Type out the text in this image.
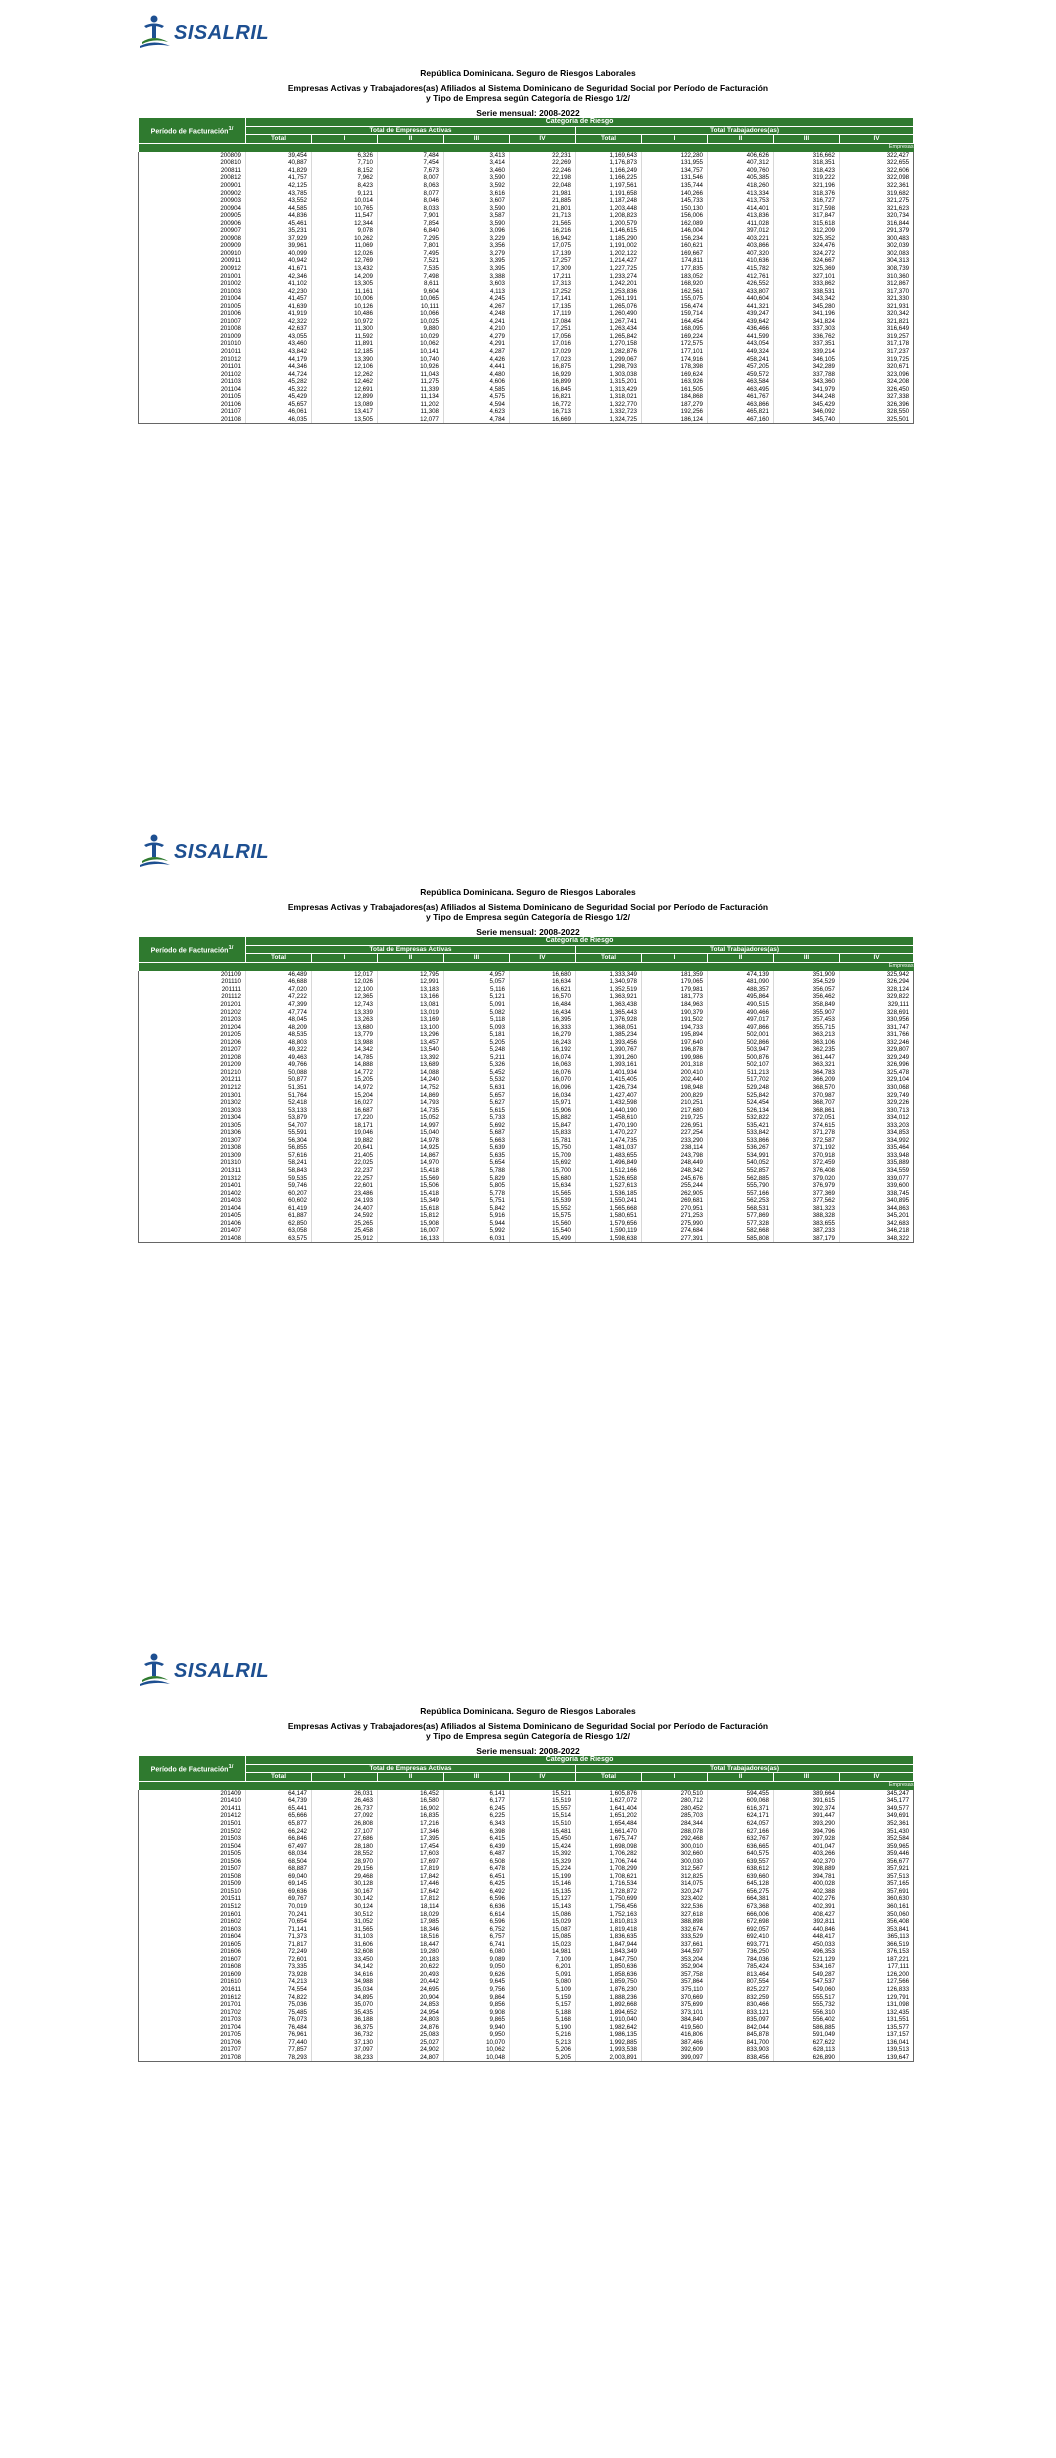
SISALRIL
República Dominicana. Seguro de Riesgos Laborales
Empresas Activas y Trabajadores(as) Afiliados al Sistema Dominicano de Seguridad Social por Período de Facturación
y Tipo de Empresa según Categoría de Riesgo 1/2/
Serie mensual: 2008-2022
Período de Facturación$^{1/}$	Categoría de Riesgo									
	Total de Empresas Activas					Total Trabajadores(as)				
	Total	I	II	III	IV	Total	I	II	III	IV
Empresas										
200809	39,454	6,326	7,484	3,413	22,231	1,169,643	122,280	406,626	316,662	322,427
200810	40,887	7,710	7,454	3,414	22,269	1,176,873	131,955	407,312	318,351	322,655
200811	41,829	8,152	7,673	3,460	22,246	1,166,249	134,757	409,760	318,423	322,606
200812	41,757	7,962	8,007	3,590	22,198	1,166,225	131,546	405,385	319,222	322,098
200901	42,125	8,423	8,063	3,592	22,048	1,197,561	135,744	418,260	321,196	322,361
200902	43,785	9,121	8,077	3,616	21,981	1,191,658	140,266	413,334	318,376	319,682
200903	43,552	10,014	8,046	3,607	21,885	1,187,248	145,733	413,753	316,727	321,275
200904	44,585	10,765	8,033	3,590	21,801	1,203,448	150,130	414,401	317,598	321,623
200905	44,836	11,547	7,901	3,587	21,713	1,208,823	156,006	413,836	317,847	320,734
200906	45,461	12,344	7,854	3,590	21,565	1,200,579	162,089	411,028	315,618	316,844
200907	35,231	9,078	6,840	3,096	16,216	1,146,615	146,004	397,012	312,209	291,379
200908	37,929	10,262	7,295	3,229	16,942	1,185,290	156,234	403,221	325,352	300,483
200909	39,961	11,069	7,801	3,356	17,075	1,191,002	160,621	403,866	324,476	302,039
200910	40,099	12,026	7,495	3,279	17,139	1,202,122	169,667	407,320	324,272	302,083
200911	40,942	12,769	7,521	3,395	17,257	1,214,427	174,811	410,636	324,667	304,313
200912	41,671	13,432	7,535	3,395	17,309	1,227,725	177,835	415,782	325,369	308,739
201001	42,346	14,209	7,498	3,388	17,211	1,233,274	183,052	412,761	327,101	310,360
201002	41,102	13,305	8,611	3,603	17,313	1,242,201	168,920	426,552	333,862	312,867
201003	42,230	11,161	9,604	4,113	17,252	1,253,836	162,561	433,807	338,531	317,370
201004	41,457	10,006	10,065	4,245	17,141	1,261,191	155,075	440,604	343,342	321,330
201005	41,639	10,126	10,111	4,267	17,135	1,265,076	156,474	441,321	345,280	321,931
201006	41,919	10,486	10,066	4,248	17,119	1,260,490	159,714	439,247	341,196	320,342
201007	42,322	10,972	10,025	4,241	17,084	1,267,741	164,454	439,642	341,824	321,821
201008	42,637	11,300	9,880	4,210	17,251	1,263,434	168,095	436,466	337,303	316,649
201009	43,055	11,592	10,029	4,279	17,056	1,265,842	169,224	441,599	336,762	319,257
201010	43,460	11,891	10,062	4,291	17,016	1,270,158	172,575	443,054	337,351	317,178
201011	43,842	12,185	10,141	4,287	17,029	1,282,876	177,101	449,324	339,214	317,237
201012	44,179	13,390	10,740	4,426	17,023	1,299,067	174,916	458,241	346,105	319,725
201101	44,346	12,106	10,926	4,441	16,875	1,298,793	178,398	457,205	342,289	320,671
201102	44,724	12,262	11,043	4,480	16,929	1,303,038	169,624	459,572	337,788	323,096
201103	45,282	12,462	11,275	4,606	16,899	1,315,201	163,926	463,584	343,360	324,208
201104	45,322	12,691	11,339	4,585	16,845	1,313,429	161,505	463,495	341,979	326,450
201105	45,429	12,899	11,134	4,575	16,821	1,318,021	184,868	461,767	344,248	327,338
201106	45,657	13,089	11,202	4,594	16,772	1,322,770	187,279	463,866	345,429	326,396
201107	46,061	13,417	11,308	4,623	16,713	1,332,723	192,256	465,821	346,092	328,550
201108	46,035	13,505	12,077	4,784	16,669	1,324,725	186,124	467,160	345,740	325,501
SISALRIL
República Dominicana. Seguro de Riesgos Laborales
Empresas Activas y Trabajadores(as) Afiliados al Sistema Dominicano de Seguridad Social por Período de Facturación
y Tipo de Empresa según Categoría de Riesgo 1/2/
Serie mensual: 2008-2022
Período de Facturación$^{1/}$	Categoría de Riesgo									
	Total de Empresas Activas					Total Trabajadores(as)				
	Total	I	II	III	IV	Total	I	II	III	IV
Empresas										
201109	46,489	12,017	12,795	4,957	16,680	1,333,349	181,359	474,139	351,909	325,942
201110	46,688	12,026	12,991	5,057	16,634	1,340,978	179,065	481,090	354,529	326,294
201111	47,020	12,100	13,183	5,116	16,621	1,352,519	179,981	488,357	356,057	328,124
201112	47,222	12,365	13,166	5,121	16,570	1,363,921	181,773	495,864	356,462	329,822
201201	47,399	12,743	13,081	5,091	16,484	1,363,438	184,963	490,515	358,849	329,111
201202	47,774	13,339	13,019	5,082	16,434	1,365,443	190,379	490,466	355,907	328,691
201203	48,045	13,263	13,169	5,118	16,395	1,376,928	191,502	497,017	357,453	330,956
201204	48,209	13,680	13,100	5,093	16,333	1,368,051	194,733	497,866	355,715	331,747
201205	48,535	13,779	13,296	5,181	16,279	1,385,234	195,894	502,001	363,213	331,766
201206	48,803	13,988	13,457	5,205	16,243	1,393,456	197,640	502,866	363,106	332,246
201207	49,322	14,342	13,540	5,248	16,192	1,390,767	196,878	503,947	362,235	329,807
201208	49,463	14,785	13,392	5,211	16,074	1,391,260	199,986	500,876	361,447	329,249
201209	49,766	14,888	13,689	5,326	16,063	1,393,161	201,318	502,107	363,321	326,996
201210	50,088	14,772	14,088	5,452	16,076	1,401,934	200,410	511,213	364,783	325,478
201211	50,877	15,205	14,240	5,532	16,070	1,415,405	202,440	517,702	366,209	329,104
201212	51,351	14,972	14,752	5,631	16,096	1,426,734	198,948	529,248	368,570	330,068
201301	51,764	15,204	14,869	5,657	16,034	1,427,407	200,829	525,842	370,987	329,749
201302	52,418	16,027	14,793	5,627	15,971	1,432,598	210,251	524,454	368,707	329,226
201303	53,133	16,687	14,735	5,615	15,906	1,440,190	217,680	526,134	368,861	330,713
201304	53,879	17,220	15,052	5,733	15,882	1,458,610	219,725	532,822	372,051	334,012
201305	54,707	18,171	14,997	5,692	15,847	1,470,190	226,951	535,421	374,615	333,203
201306	55,591	19,046	15,040	5,687	15,833	1,470,227	227,254	533,842	371,278	334,853
201307	56,304	19,882	14,978	5,663	15,781	1,474,735	233,290	533,866	372,587	334,992
201308	56,855	20,641	14,925	5,639	15,750	1,481,037	238,114	536,267	371,192	335,464
201309	57,616	21,405	14,867	5,635	15,709	1,483,655	243,798	534,991	370,918	333,948
201310	58,241	22,025	14,970	5,654	15,692	1,496,849	248,449	540,052	372,459	335,889
201311	58,843	22,237	15,418	5,788	15,700	1,512,166	248,342	552,857	376,408	334,559
201312	59,535	22,257	15,569	5,829	15,680	1,526,658	245,676	562,885	379,020	339,077
201401	59,746	22,601	15,506	5,805	15,634	1,527,613	255,244	555,790	376,979	339,600
201402	60,207	23,486	15,418	5,778	15,565	1,536,185	262,905	557,166	377,369	338,745
201403	60,602	24,193	15,349	5,751	15,539	1,550,241	269,681	562,253	377,562	340,895
201404	61,419	24,407	15,618	5,842	15,552	1,565,668	270,951	568,531	381,323	344,863
201405	61,887	24,592	15,812	5,916	15,575	1,580,651	271,253	577,869	388,328	345,201
201406	62,850	25,265	15,908	5,944	15,560	1,579,656	275,990	577,328	383,655	342,683
201407	63,058	25,458	16,007	5,992	15,540	1,590,119	274,684	582,668	387,233	346,218
201408	63,575	25,912	16,133	6,031	15,499	1,598,638	277,391	585,808	387,179	348,322
SISALRIL
República Dominicana. Seguro de Riesgos Laborales
Empresas Activas y Trabajadores(as) Afiliados al Sistema Dominicano de Seguridad Social por Período de Facturación
y Tipo de Empresa según Categoría de Riesgo 1/2/
Serie mensual: 2008-2022
Período de Facturación$^{1/}$	Categoría de Riesgo									
	Total de Empresas Activas					Total Trabajadores(as)				
	Total	I	II	III	IV	Total	I	II	III	IV
Empresas										
201409	64,147	26,031	16,452	6,141	15,521	1,605,876	270,510	594,455	389,664	345,247
201410	64,739	26,463	16,580	6,177	15,519	1,627,072	280,712	609,068	391,615	345,177
201411	65,441	26,737	16,902	6,245	15,557	1,641,404	280,452	616,371	392,374	349,577
201412	65,666	27,092	16,835	6,225	15,514	1,651,202	285,703	624,171	391,447	349,691
201501	65,877	26,808	17,216	6,343	15,510	1,654,484	284,344	624,057	393,290	352,361
201502	66,242	27,107	17,346	6,398	15,481	1,661,470	288,078	627,166	394,796	351,430
201503	66,846	27,686	17,395	6,415	15,450	1,675,747	292,468	632,767	397,928	352,584
201504	67,497	28,180	17,454	6,439	15,424	1,698,098	300,010	636,665	401,047	359,965
201505	68,034	28,552	17,603	6,487	15,392	1,706,282	302,660	640,575	403,266	359,446
201506	68,504	28,970	17,697	6,508	15,329	1,706,744	300,030	639,557	402,370	356,677
201507	68,887	29,156	17,819	6,478	15,224	1,708,299	312,567	638,612	398,889	357,921
201508	69,040	29,468	17,842	6,451	15,199	1,708,621	312,825	639,660	394,781	357,513
201509	69,145	30,128	17,446	6,425	15,146	1,716,534	314,075	645,128	400,028	357,165
201510	69,636	30,167	17,642	6,492	15,135	1,728,872	320,247	656,275	402,388	357,691
201511	69,767	30,142	17,812	6,596	15,127	1,750,699	323,402	664,381	402,276	360,630
201512	70,019	30,124	18,114	6,636	15,143	1,756,456	322,536	673,368	402,391	360,161
201601	70,241	30,512	18,029	6,614	15,086	1,752,163	327,618	666,006	408,427	350,060
201602	70,654	31,052	17,985	6,596	15,029	1,810,813	388,898	672,698	392,811	356,408
201603	71,141	31,565	18,346	6,752	15,087	1,819,418	332,674	692,057	440,846	353,841
201604	71,373	31,103	18,516	6,757	15,085	1,836,635	333,529	692,410	448,417	365,113
201605	71,817	31,606	18,447	6,741	15,023	1,847,944	337,661	693,771	450,033	366,519
201606	72,249	32,608	19,280	6,080	14,981	1,843,349	344,597	736,250	496,353	376,153
201607	72,601	33,450	20,183	9,089	7,109	1,847,750	353,204	784,036	521,129	187,221
201608	73,335	34,142	20,622	9,050	6,201	1,850,636	352,904	785,424	534,167	177,111
201609	73,928	34,616	20,493	9,626	5,091	1,858,636	357,758	813,464	549,287	126,200
201610	74,213	34,988	20,442	9,645	5,080	1,859,750	357,864	807,554	547,537	127,566
201611	74,554	35,034	24,695	9,756	5,109	1,876,230	375,110	825,227	549,060	126,833
201612	74,822	34,895	20,904	9,864	5,159	1,888,236	370,669	832,259	555,517	129,791
201701	75,036	35,070	24,853	9,856	5,157	1,892,668	375,699	830,466	555,732	131,098
201702	75,485	35,435	24,954	9,908	5,188	1,894,652	373,101	833,121	556,310	132,435
201703	76,073	36,188	24,803	9,865	5,168	1,910,040	384,840	835,097	556,402	131,551
201704	76,484	36,375	24,876	9,940	5,190	1,982,642	419,560	842,044	586,885	135,577
201705	76,961	36,732	25,083	9,950	5,216	1,986,135	416,806	845,878	591,049	137,157
201706	77,440	37,130	25,027	10,070	5,213	1,992,885	387,466	841,700	627,622	136,041
201707	77,857	37,097	24,902	10,062	5,206	1,993,538	392,609	833,903	628,113	139,513
201708	78,293	38,233	24,807	10,048	5,205	2,003,891	399,097	838,456	626,890	139,647
